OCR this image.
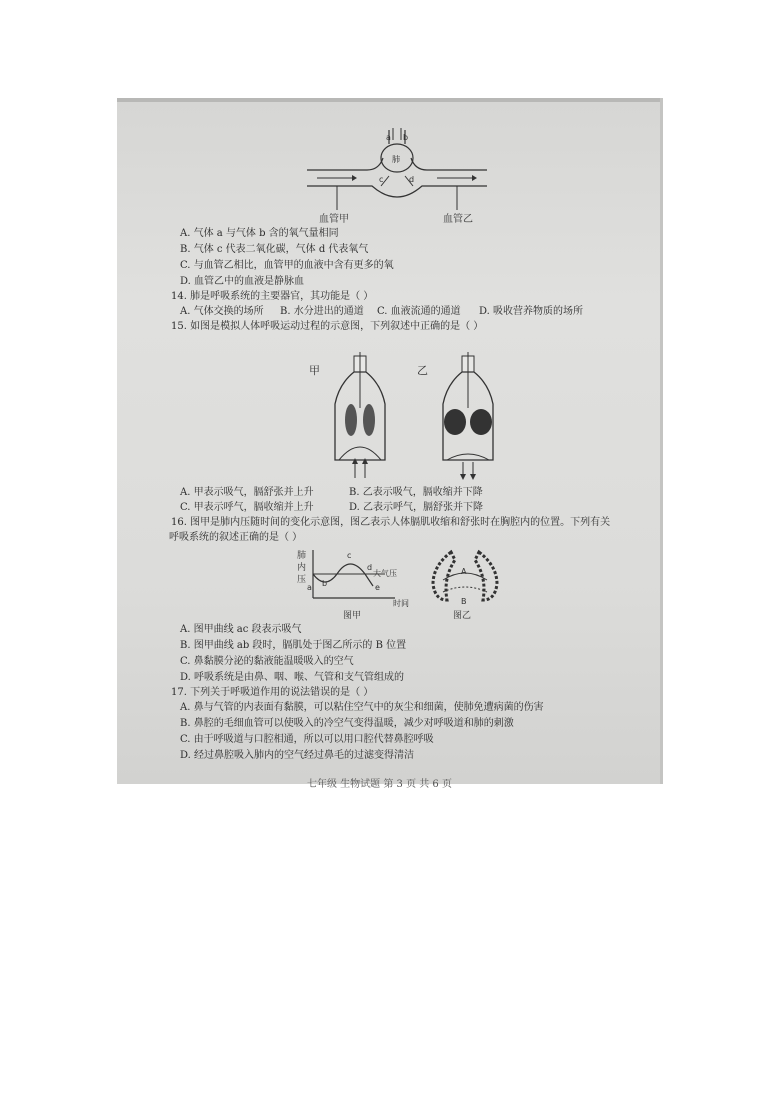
a b
肺
c	d
血管甲	血管乙
A. 气体 a 与气体 b 含的氧气量相同
B. 气体 c 代表二氧化碳，气体 d 代表氧气
C. 与血管乙相比，血管甲的血液中含有更多的氧
D. 血管乙中的血液是静脉血
14. 肺是呼吸系统的主要器官，其功能是（ ）
A. 气体交换的场所 B. 水分进出的通道 C. 血液流通的通道 D. 吸收营养物质的场所
15. 如图是模拟人体呼吸运动过程的示意图，下列叙述中正确的是（ ）
甲	乙
A. 甲表示吸气，膈舒张并上升	B. 乙表示吸气，膈收缩并下降
C. 甲表示呼气，膈收缩并上升	D. 乙表示呼气，膈舒张并下降
16. 图甲是肺内压随时间的变化示意图，图乙表示人体膈肌收缩和舒张时在胸腔内的位置。下列有关
呼吸系统的叙述正确的是（ ）
肺
内
压
a b
c
d
e
大气压
时间
图甲
A
B
图乙
A. 图甲曲线 ac 段表示吸气
B. 图甲曲线 ab 段时，膈肌处于图乙所示的 B 位置
C. 鼻黏膜分泌的黏液能温暖吸入的空气
D. 呼吸系统是由鼻、咽、喉、气管和支气管组成的
17. 下列关于呼吸道作用的说法错误的是（ ）
A. 鼻与气管的内表面有黏膜，可以粘住空气中的灰尘和细菌，使肺免遭病菌的伤害
B. 鼻腔的毛细血管可以使吸入的冷空气变得温暖，减少对呼吸道和肺的刺激
C. 由于呼吸道与口腔相通，所以可以用口腔代替鼻腔呼吸
D. 经过鼻腔吸入肺内的空气经过鼻毛的过滤变得清洁
七年级 生物试题 第 3 页 共 6 页
